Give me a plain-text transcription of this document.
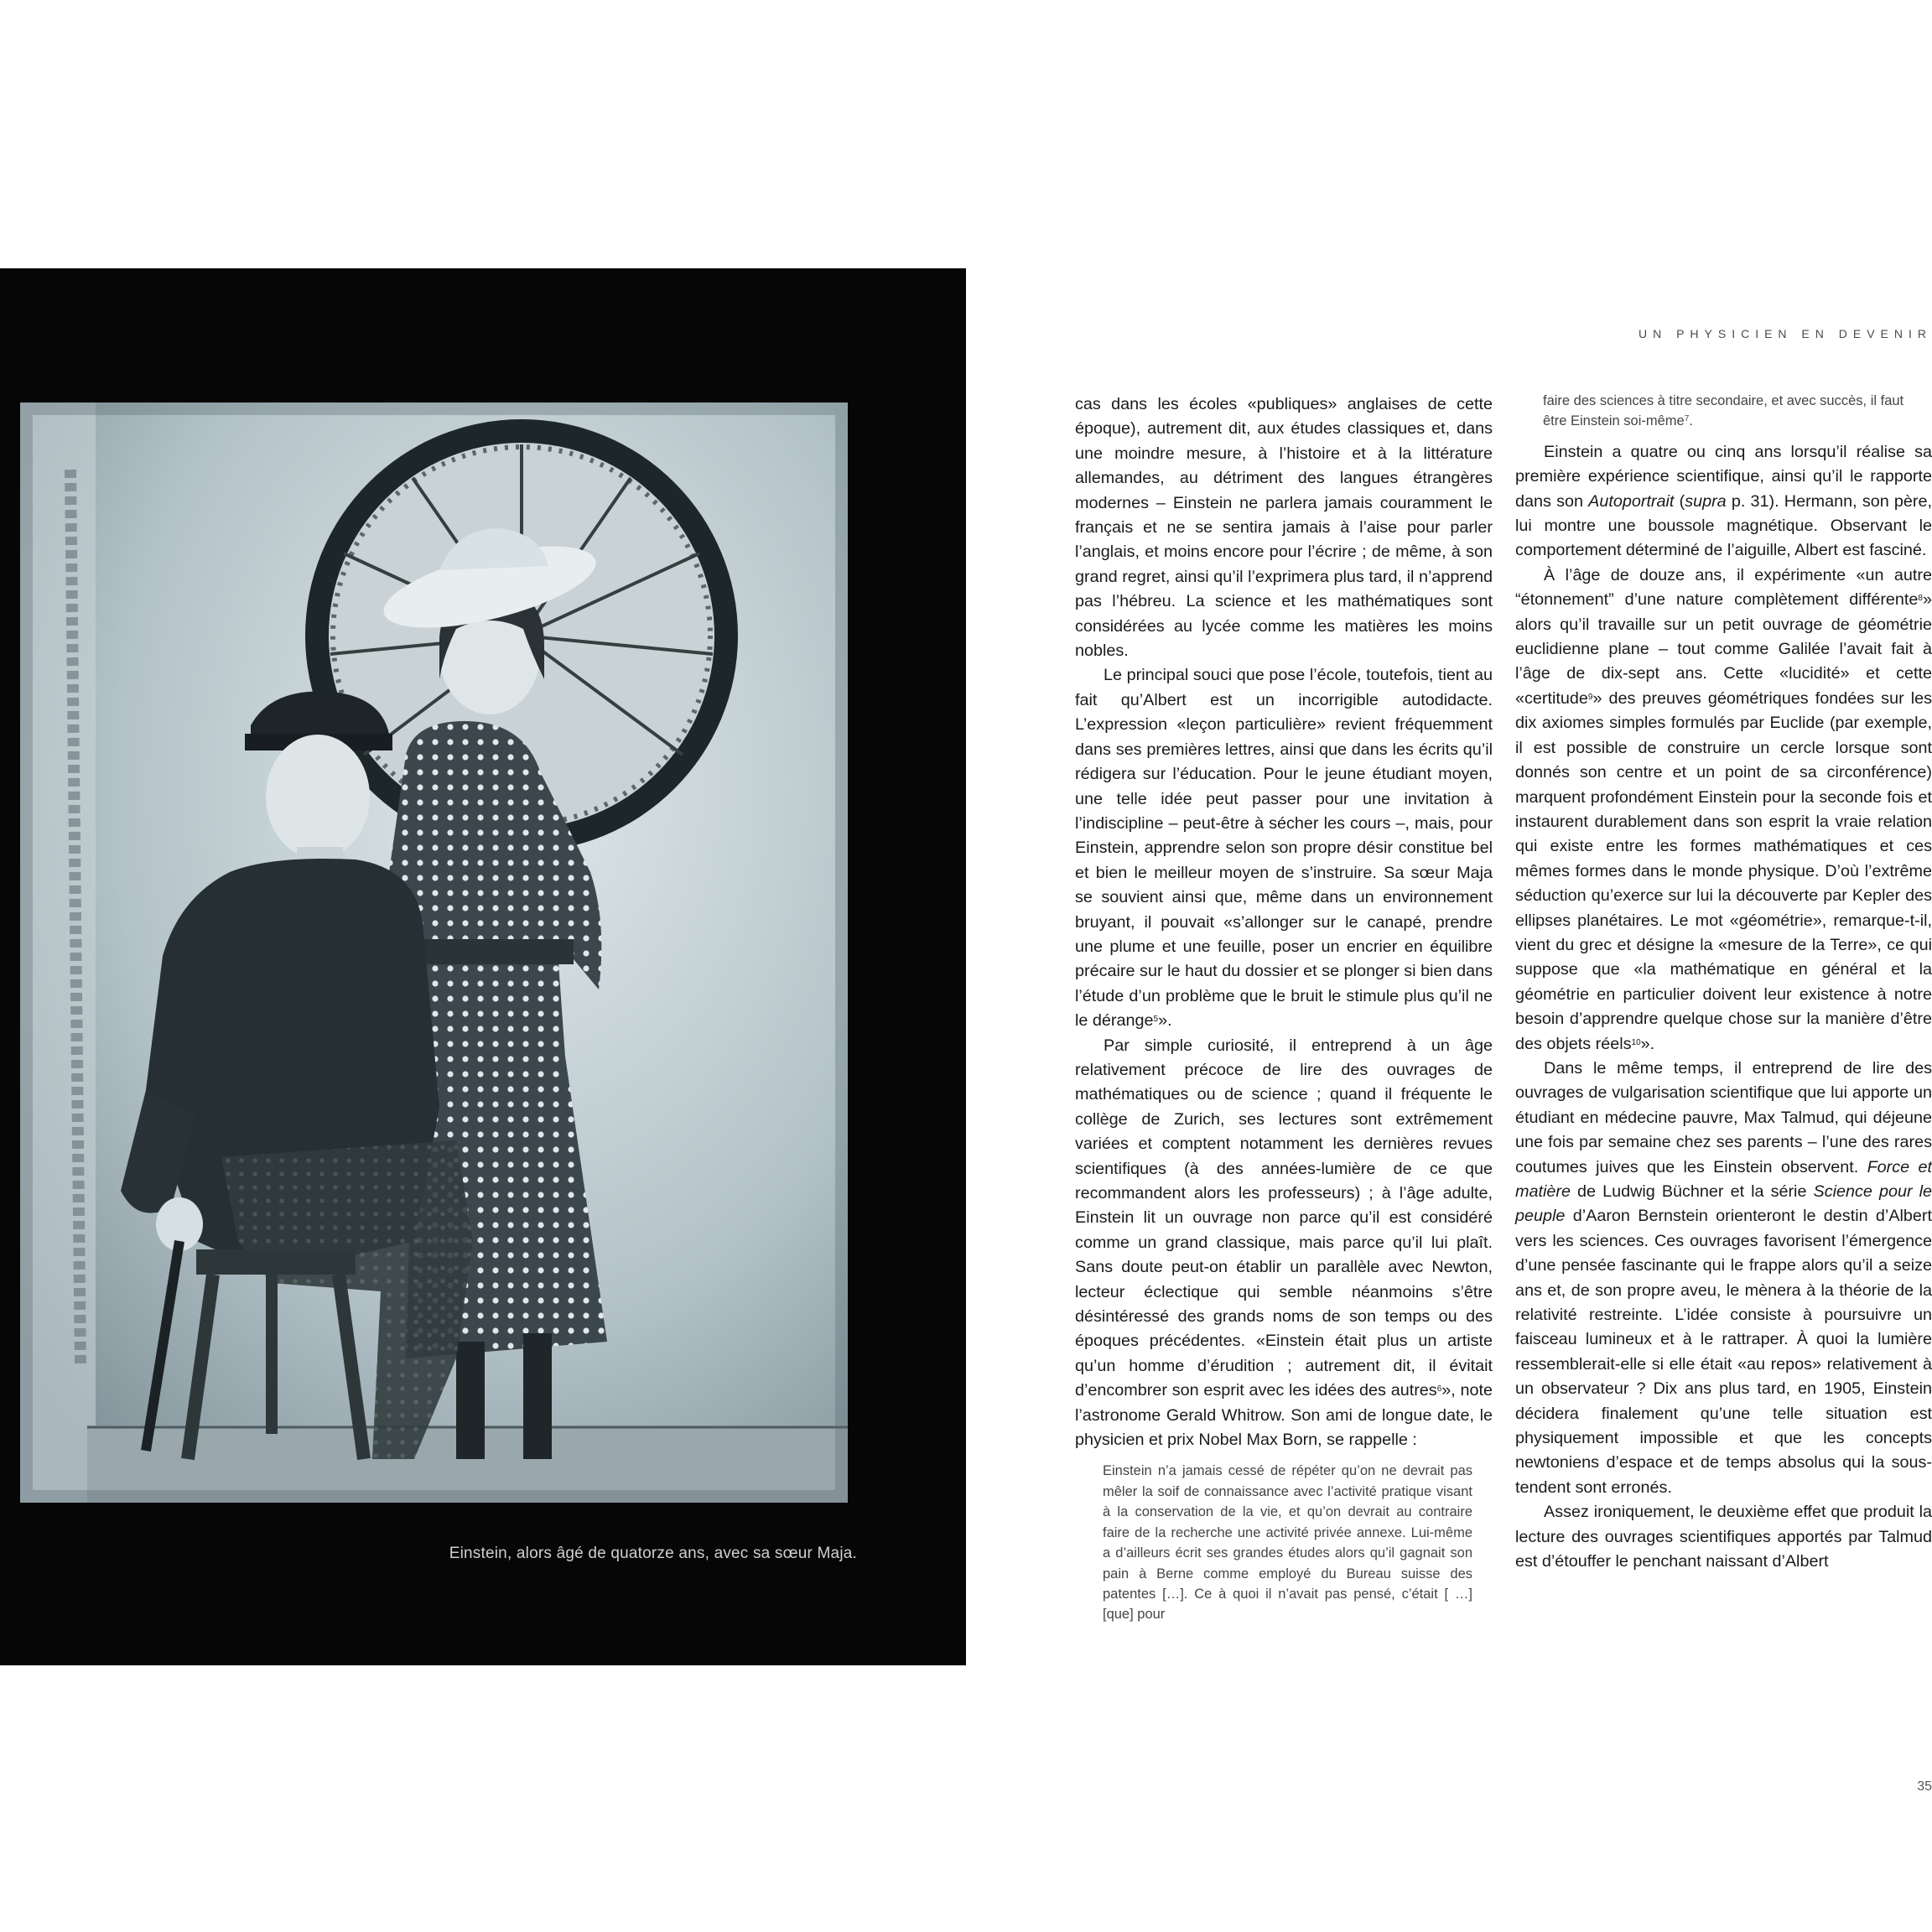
Einstein, alors âgé de quatorze ans, avec sa sœur Maja.
UN PHYSICIEN EN DEVENIR

cas dans les écoles «publiques» anglaises de cette époque), autrement dit, aux études classiques et, dans une moindre mesure, à l’histoire et à la littérature allemandes, au détriment des langues étrangères modernes – Einstein ne parlera jamais couramment le français et ne se sentira jamais à l’aise pour parler l’anglais, et moins encore pour l’écrire ; de même, à son grand regret, ainsi qu’il l’exprimera plus tard, il n’apprend pas l’hébreu. La science et les mathématiques sont considérées au lycée comme les matières les moins nobles.

Le principal souci que pose l’école, toutefois, tient au fait qu’Albert est un incorrigible autodidacte. L’expression «leçon particulière» revient fréquemment dans ses premières lettres, ainsi que dans les écrits qu’il rédigera sur l’éducation. Pour le jeune étudiant moyen, une telle idée peut passer pour une invitation à l’indiscipline – peut-être à sécher les cours –, mais, pour Einstein, apprendre selon son propre désir constitue bel et bien le meilleur moyen de s’instruire. Sa sœur Maja se souvient ainsi que, même dans un environnement bruyant, il pouvait «s’allonger sur le canapé, prendre une plume et une feuille, poser un encrier en équilibre précaire sur le haut du dossier et se plonger si bien dans l’étude d’un problème que le bruit le stimule plus qu’il ne le dérange$^5$».

Par simple curiosité, il entreprend à un âge relativement précoce de lire des ouvrages de mathématiques ou de science ; quand il fréquente le collège de Zurich, ses lectures sont extrêmement variées et comptent notamment les dernières revues scientifiques (à des années-lumière de ce que recommandent alors les professeurs) ; à l’âge adulte, Einstein lit un ouvrage non parce qu’il est considéré comme un grand classique, mais parce qu’il lui plaît. Sans doute peut-on établir un parallèle avec Newton, lecteur éclectique qui semble néanmoins s’être désintéressé des grands noms de son temps ou des époques précédentes. «Einstein était plus un artiste qu’un homme d’érudition ; autrement dit, il évitait d’encombrer son esprit avec les idées des autres$^6$», note l’astronome Gerald Whitrow. Son ami de longue date, le physicien et prix Nobel Max Born, se rappelle :

Einstein n’a jamais cessé de répéter qu’on ne devrait pas mêler la soif de connaissance avec l’activité pratique visant à la conservation de la vie, et qu’on devrait au contraire faire de la recherche une activité privée annexe. Lui-même a d’ailleurs écrit ses grandes études alors qu’il gagnait son pain à Berne comme employé du Bureau suisse des patentes […]. Ce à quoi il n’avait pas pensé, c’était [ …] [que] pour
faire des sciences à titre secondaire, et avec succès, il faut être Einstein soi-même$^7$.

Einstein a quatre ou cinq ans lorsqu’il réalise sa première expérience scientifique, ainsi qu’il le rapporte dans son Autoportrait (supra p. 31). Hermann, son père, lui montre une boussole magnétique. Observant le comportement déterminé de l’aiguille, Albert est fasciné.

À l’âge de douze ans, il expérimente «un autre “étonnement” d’une nature complètement différente$^8$» alors qu’il travaille sur un petit ouvrage de géométrie euclidienne plane – tout comme Galilée l’avait fait à l’âge de dix-sept ans. Cette «lucidité» et cette «certitude$^9$» des preuves géométriques fondées sur les dix axiomes simples formulés par Euclide (par exemple, il est possible de construire un cercle lorsque sont donnés son centre et un point de sa circonférence) marquent profondément Einstein pour la seconde fois et instaurent durablement dans son esprit la vraie relation qui existe entre les formes mathématiques et ces mêmes formes dans le monde physique. D’où l’extrême séduction qu’exerce sur lui la découverte par Kepler des ellipses planétaires. Le mot «géométrie», remarque-t-il, vient du grec et désigne la «mesure de la Terre», ce qui suppose que «la mathématique en général et la géométrie en particulier doivent leur existence à notre besoin d’apprendre quelque chose sur la manière d’être des objets réels$^{10}$».

Dans le même temps, il entreprend de lire des ouvrages de vulgarisation scientifique que lui apporte un étudiant en médecine pauvre, Max Talmud, qui déjeune une fois par semaine chez ses parents – l’une des rares coutumes juives que les Einstein observent. Force et matière de Ludwig Büchner et la série Science pour le peuple d’Aaron Bernstein orienteront le destin d’Albert vers les sciences. Ces ouvrages favorisent l’émergence d’une pensée fascinante qui le frappe alors qu’il a seize ans et, de son propre aveu, le mènera à la théorie de la relativité restreinte. L’idée consiste à poursuivre un faisceau lumineux et à le rattraper. À quoi la lumière ressemblerait-elle si elle était «au repos» relativement à un observateur ? Dix ans plus tard, en 1905, Einstein décidera finalement qu’une telle situation est physiquement impossible et que les concepts newtoniens d’espace et de temps absolus qui la sous-tendent sont erronés.

Assez ironiquement, le deuxième effet que produit la lecture des ouvrages scientifiques apportés par Talmud est d’étouffer le penchant naissant d’Albert

35
